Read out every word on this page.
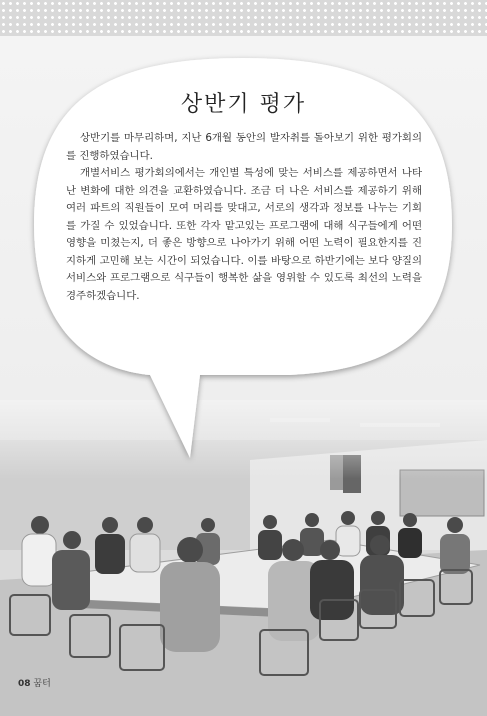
상반기 평가

상반기를 마무리하며, 지난 6개월 동안의 발자취를 돌아보기 위한 평가회의를 진행하였습니다.

개별서비스 평가회의에서는 개인별 특성에 맞는 서비스를 제공하면서 나타난 변화에 대한 의견을 교환하였습니다. 조금 더 나은 서비스를 제공하기 위해 여러 파트의 직원들이 모여 머리를 맞대고, 서로의 생각과 정보를 나누는 기회를 가질 수 있었습니다. 또한 각자 맡고있는 프로그램에 대해 식구들에게 어떤 영향을 미쳤는지, 더 좋은 방향으로 나아가기 위해 어떤 노력이 필요한지를 진지하게 고민해 보는 시간이 되었습니다. 이를 바탕으로 하반기에는 보다 양질의 서비스와 프로그램으로 식구들이 행복한 삶을 영위할 수 있도록 최선의 노력을 경주하겠습니다.

08 꿈터
